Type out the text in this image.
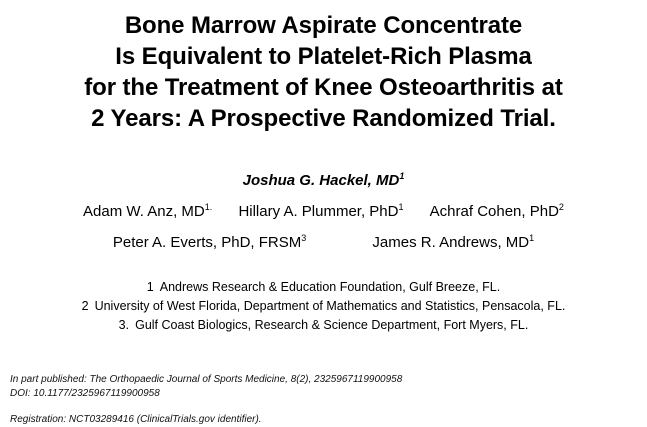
Bone Marrow Aspirate Concentrate
Is Equivalent to Platelet-Rich Plasma
for the Treatment of Knee Osteoarthritis at
2 Years: A Prospective Randomized Trial.
Joshua G. Hackel, $MD^1$
Adam W. Anz, $MD^{1.}$ Hillary A. Plummer, PhD$^1$ Achraf Cohen, PhD$^2$
Peter A. Everts, PhD, FRSM$^3$	James R. Andrews, $MD^1$
1 Andrews Research & Education Foundation, Gulf Breeze, FL.
2 University of West Florida, Department of Mathematics and Statistics, Pensacola, FL.
3. Gulf Coast Biologics, Research & Science Department, Fort Myers, FL.
In part published: The Orthopaedic Journal of Sports Medicine, 8(2), 2325967119900958
DOI: 10.1177/2325967119900958
Registration: NCT03289416 (ClinicalTrials.gov identifier).
